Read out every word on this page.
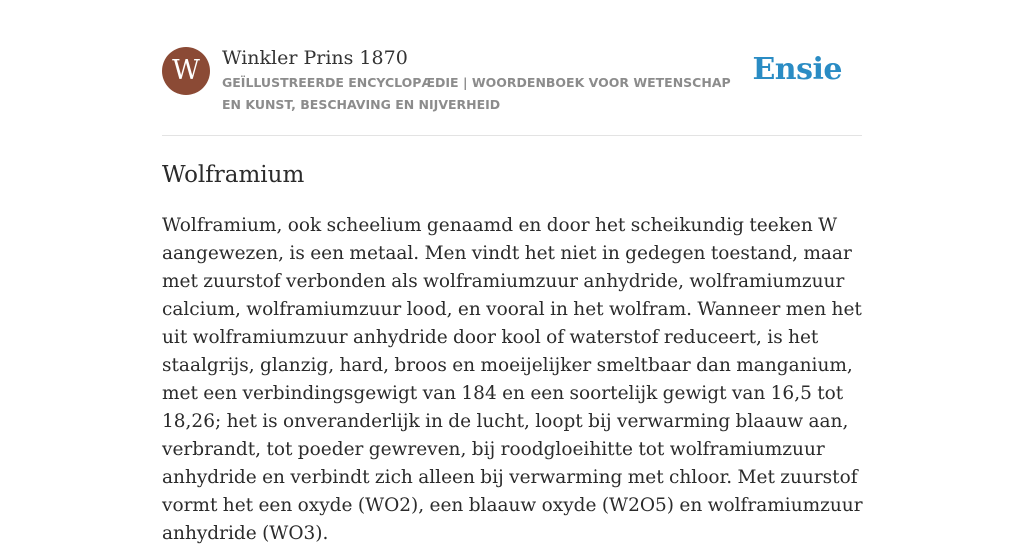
W	Winkler Prins 1870
GEÏLLUSTREERDE ENCYCLOPÆDIE | WOORDENBOEK VOOR WETENSCHAP EN KUNST, BESCHAVING EN NIJVERHEID
Ensie
Wolframium

Wolframium, ook scheelium genaamd en door het scheikundig teeken W aangewezen, is een metaal. Men vindt het niet in gedegen toestand, maar met zuurstof verbonden als wolframiumzuur anhydride, wolframiumzuur calcium, wolframiumzuur lood, en vooral in het wolfram. Wanneer men het uit wolframiumzuur anhydride door kool of waterstof reduceert, is het staalgrijs, glanzig, hard, broos en moeijelijker smeltbaar dan manganium, met een verbindingsgewigt van 184 en een soortelijk gewigt van 16,5 tot 18,26; het is onveranderlijk in de lucht, loopt bij verwarming blaauw aan, verbrandt, tot poeder gewreven, bij roodgloeihitte tot wolframiumzuur anhydride en verbindt zich alleen bij verwarming met chloor. Met zuurstof vormt het een oxyde (WO2), een blaauw oxyde (W2O5) en wolframiumzuur anhydride (WO3).
